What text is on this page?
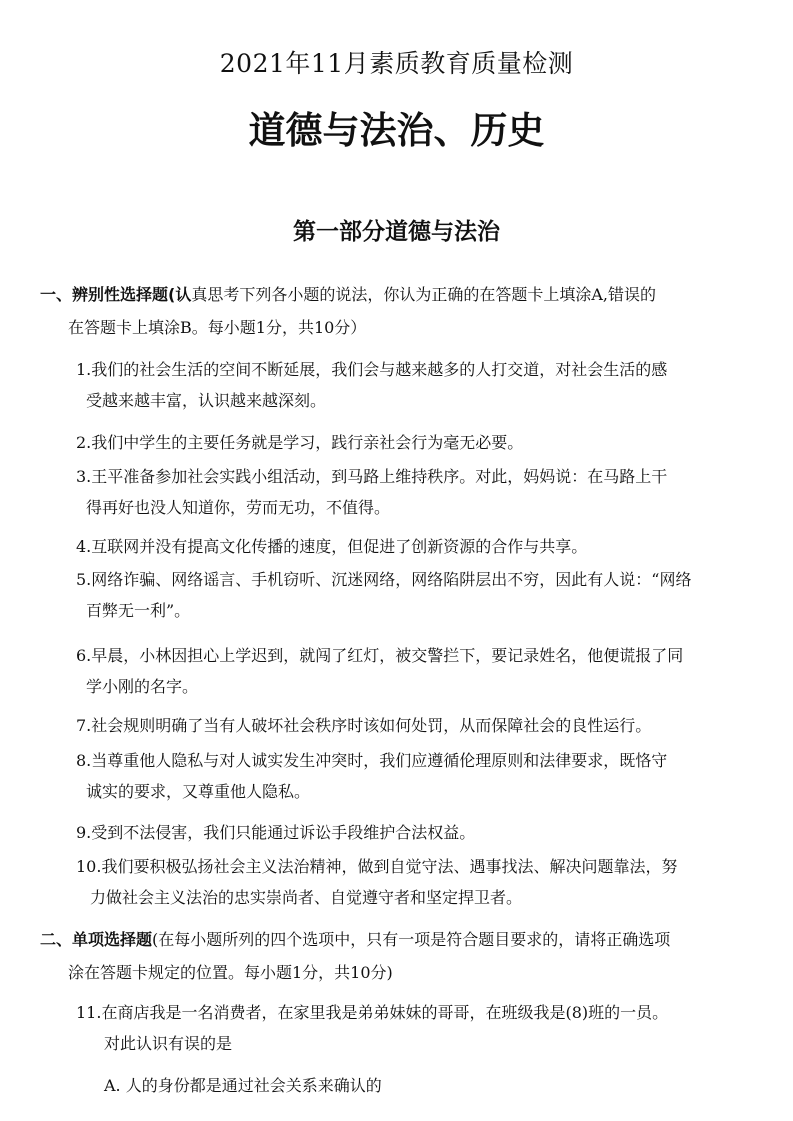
2021年11月素质教育质量检测
道德与法治、历史
第一部分道德与法治
一、辨别性选择题(认真思考下列各小题的说法，你认为正确的在答题卡上填涂A,错误的
在答题卡上填涂B。每小题1分，共10分）
1.我们的社会生活的空间不断延展，我们会与越来越多的人打交道，对社会生活的感
受越来越丰富，认识越来越深刻。
2.我们中学生的主要任务就是学习，践行亲社会行为毫无必要。
3.王平准备参加社会实践小组活动，到马路上维持秩序。对此，妈妈说：在马路上干
得再好也没人知道你，劳而无功，不值得。
4.互联网并没有提高文化传播的速度，但促进了创新资源的合作与共享。
5.网络诈骗、网络谣言、手机窃听、沉迷网络，网络陷阱层出不穷，因此有人说：“网络
百弊无一利”。
6.早晨，小林因担心上学迟到，就闯了红灯，被交警拦下，要记录姓名，他便谎报了同
学小刚的名字。
7.社会规则明确了当有人破坏社会秩序时该如何处罚，从而保障社会的良性运行。
8.当尊重他人隐私与对人诚实发生冲突时，我们应遵循伦理原则和法律要求，既恪守
诚实的要求，又尊重他人隐私。
9.受到不法侵害，我们只能通过诉讼手段维护合法权益。
10.我们要积极弘扬社会主义法治精神，做到自觉守法、遇事找法、解决问题靠法，努
力做社会主义法治的忠实崇尚者、自觉遵守者和坚定捍卫者。
二、单项选择题(在每小题所列的四个选项中，只有一项是符合题目要求的，请将正确选项
涂在答题卡规定的位置。每小题1分，共10分)
11.在商店我是一名消费者，在家里我是弟弟妹妹的哥哥，在班级我是(8)班的一员。
对此认识有误的是
A. 人的身份都是通过社会关系来确认的
